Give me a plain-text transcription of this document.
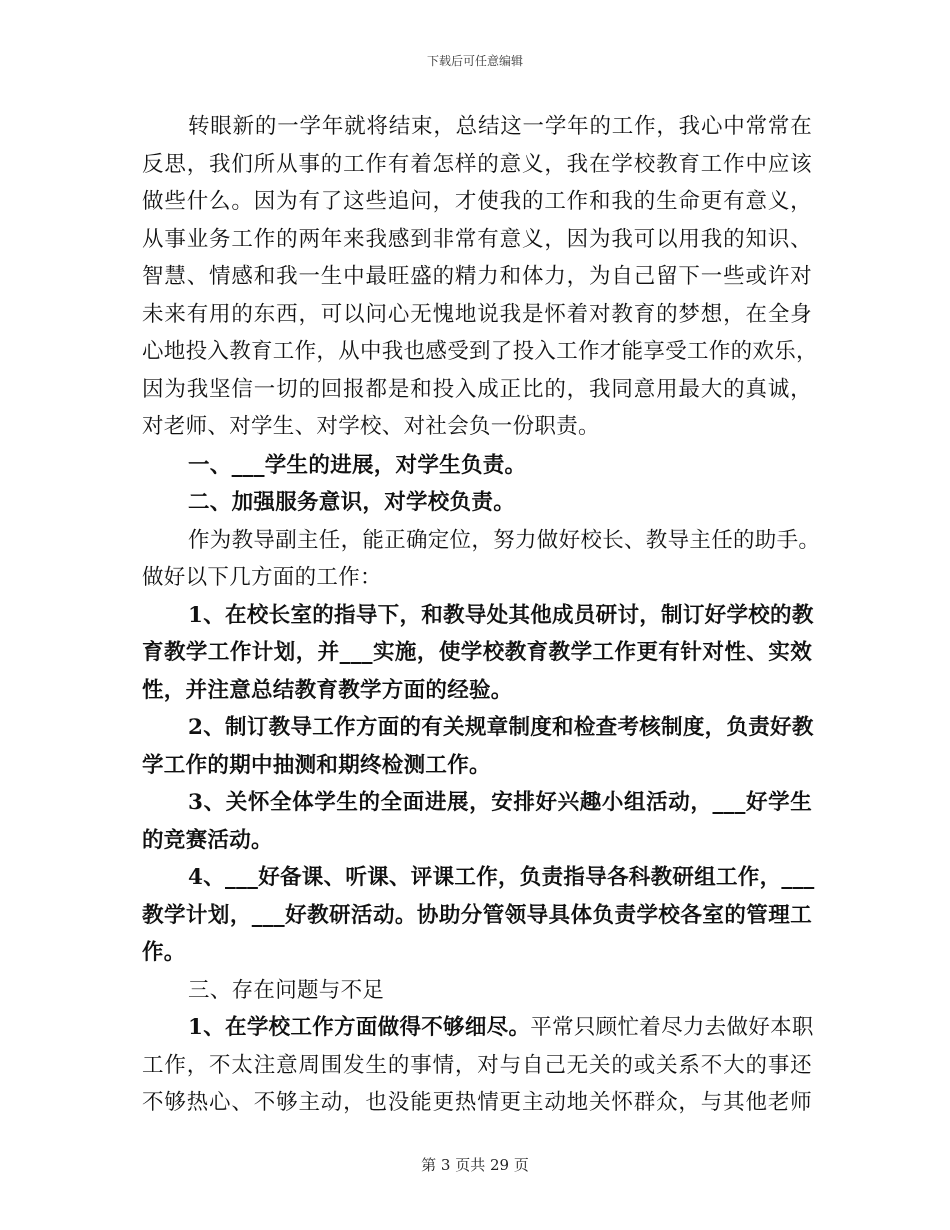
下载后可任意编辑
转眼新的一学年就将结束，总结这一学年的工作，我心中常常在
反思，我们所从事的工作有着怎样的意义，我在学校教育工作中应该
做些什么。因为有了这些追问，才使我的工作和我的生命更有意义，
从事业务工作的两年来我感到非常有意义，因为我可以用我的知识、
智慧、情感和我一生中最旺盛的精力和体力，为自己留下一些或许对
未来有用的东西，可以问心无愧地说我是怀着对教育的梦想，在全身
心地投入教育工作，从中我也感受到了投入工作才能享受工作的欢乐，
因为我坚信一切的回报都是和投入成正比的，我同意用最大的真诚，
对老师、对学生、对学校、对社会负一份职责。
一、___学生的进展，对学生负责。
二、加强服务意识，对学校负责。
作为教导副主任，能正确定位，努力做好校长、教导主任的助手。
做好以下几方面的工作：
1、在校长室的指导下，和教导处其他成员研讨，制订好学校的教
育教学工作计划，并___实施，使学校教育教学工作更有针对性、实效
性，并注意总结教育教学方面的经验。
2、制订教导工作方面的有关规章制度和检查考核制度，负责好教
学工作的期中抽测和期终检测工作。
3、关怀全体学生的全面进展，安排好兴趣小组活动，___好学生
的竞赛活动。
4、___好备课、听课、评课工作，负责指导各科教研组工作，___
教学计划，___好教研活动。协助分管领导具体负责学校各室的管理工
作。
三、存在问题与不足
1、在学校工作方面做得不够细尽。平常只顾忙着尽力去做好本职
工作，不太注意周围发生的事情，对与自己无关的或关系不大的事还
不够热心、不够主动，也没能更热情更主动地关怀群众，与其他老师
第 3 页共 29 页
